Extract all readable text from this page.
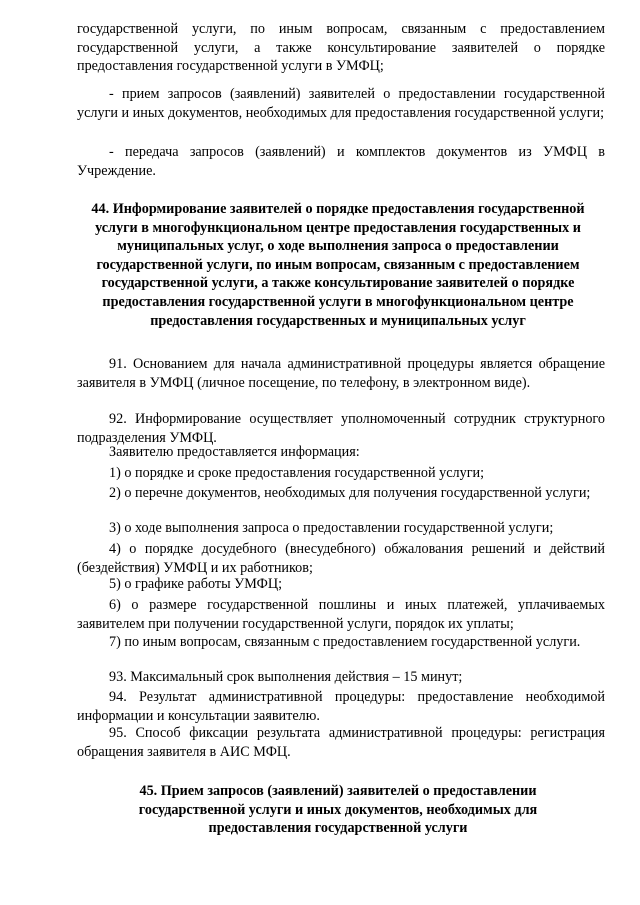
государственной услуги, по иным вопросам, связанным с предоставлением государственной услуги, а также консультирование заявителей о порядке предоставления государственной услуги в УМФЦ;

- прием запросов (заявлений) заявителей о предоставлении государственной услуги и иных документов, необходимых для предоставления государственной услуги;

- передача запросов (заявлений) и комплектов документов из УМФЦ в Учреждение.

44. Информирование заявителей о порядке предоставления государственной услуги в многофункциональном центре предоставления государственных и муниципальных услуг, о ходе выполнения запроса о предоставлении государственной услуги, по иным вопросам, связанным с предоставлением государственной услуги, а также консультирование заявителей о порядке предоставления государственной услуги в многофункциональном центре предоставления государственных и муниципальных услуг

91. Основанием для начала административной процедуры является обращение заявителя в УМФЦ (личное посещение, по телефону, в электронном виде).

92. Информирование осуществляет уполномоченный сотрудник структурного подразделения УМФЦ.

Заявителю предоставляется информация:

1) о порядке и сроке предоставления государственной услуги;

2) о перечне документов, необходимых для получения государственной услуги;

3) о ходе выполнения запроса о предоставлении государственной услуги;

4) о порядке досудебного (внесудебного) обжалования решений и действий (бездействия) УМФЦ и их работников;

5) о графике работы УМФЦ;

6) о размере государственной пошлины и иных платежей, уплачиваемых заявителем при получении государственной услуги, порядок их уплаты;

7) по иным вопросам, связанным с предоставлением государственной услуги.

93. Максимальный срок выполнения действия – 15 минут;

94. Результат административной процедуры: предоставление необходимой информации и консультации заявителю.

95. Способ фиксации результата административной процедуры: регистрация обращения заявителя в АИС МФЦ.

45. Прием запросов (заявлений) заявителей о предоставлении государственной услуги и иных документов, необходимых для предоставления государственной услуги
